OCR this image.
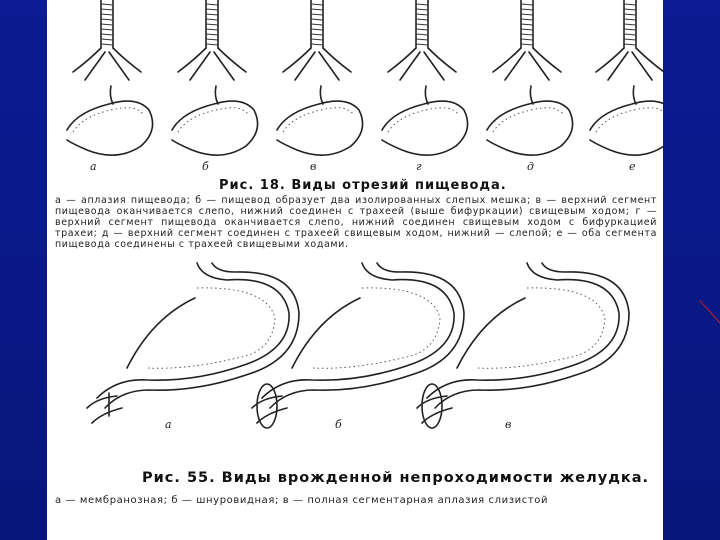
а	б	в	г	д	е
Рис. 18. Виды отрезий пищевода.
а — аплазия пищевода; б — пищевод образует два изолированных слепых мешка; в — верхний сегмент пищевода оканчивается слепо, нижний соединен с трахеей (выше бифуркации) свищевым ходом; г — верхний сегмент пищевода оканчивается слепо, нижний соединен свищевым ходом с бифуркацией трахеи; д — верхний сегмент соединен с трахеей свищевым ходом, нижний — слепой; е — оба сегмента пищевода соединены с трахеей свищевыми ходами.
а	б	в
Рис. 55. Виды врожденной непроходимости желудка.
а — мембранозная; б — шнуровидная; в — полная сегментарная аплазия слизистой
